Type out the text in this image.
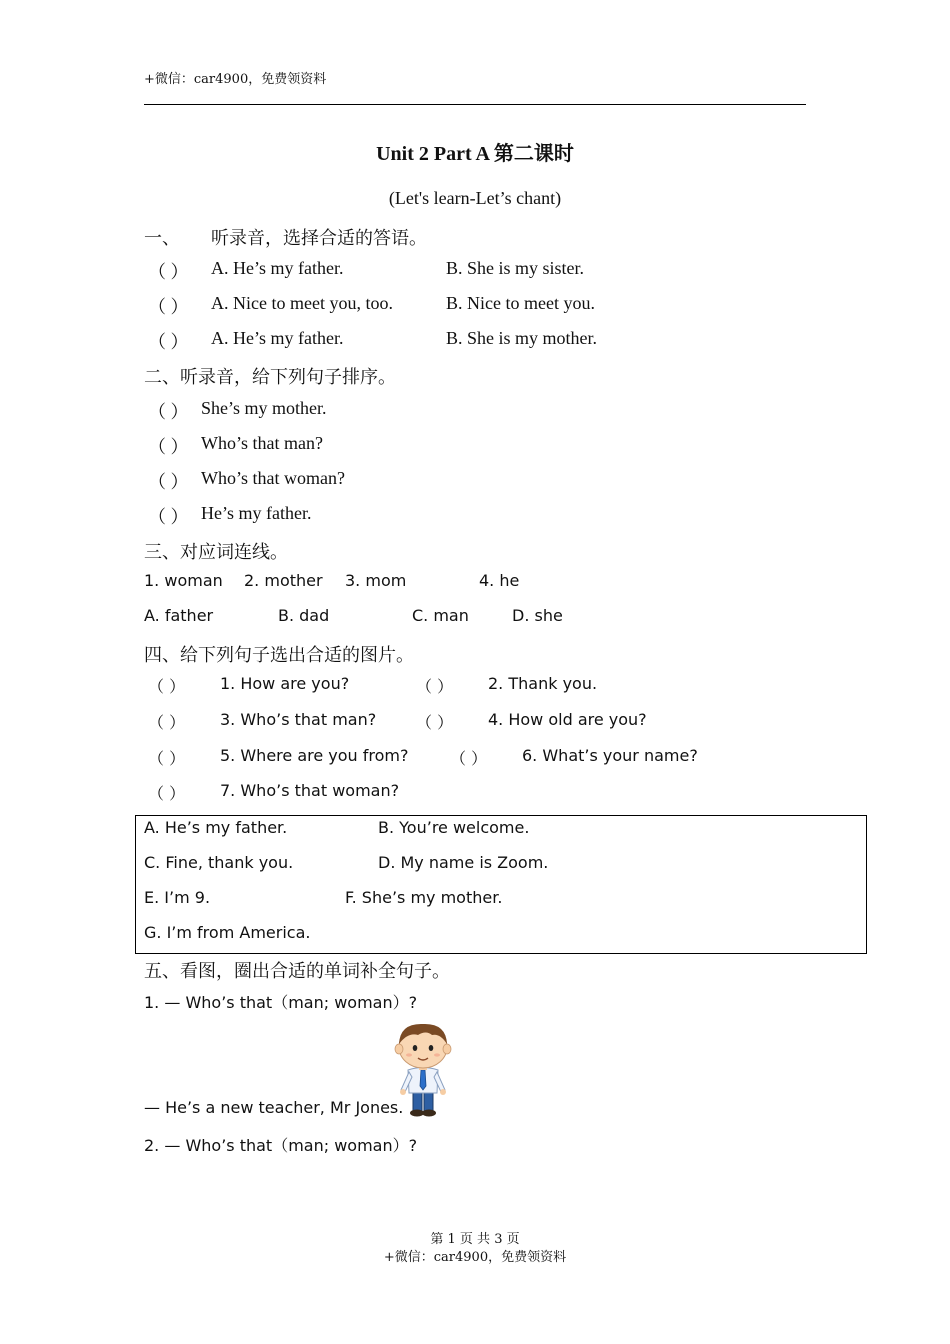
+微信：car4900，免费领资料
Unit 2 Part A 第二课时
(Let's learn-Let’s chant)
一、 听录音，选择合适的答语。
（ ） A. He’s my father.	B. She is my sister.
（ ） A. Nice to meet you, too.	B. Nice to meet you.
（ ） A. He’s my father.	B. She is my mother.
二、听录音，给下列句子排序。
（ ） She’s my mother.
（ ） Who’s that man?
（ ） Who’s that woman?
（ ） He’s my father.
三、对应词连线。
1. woman 2. mother 3. mom	4. he
A. father	B. dad	C. man	D. she
四、给下列句子选出合适的图片。
（ ） 1. How are you?	（ ） 2. Thank you.
（ ） 3. Who’s that man? （ ） 4. How old are you?
（ ） 5. Where are you from?	（ ） 6. What’s your name?
（ ） 7. Who’s that woman?
A. He’s my father.	B. You’re welcome.
C. Fine, thank you.	D. My name is Zoom.
E. I’m 9.	F. She’s my mother.
G. I’m from America.
五、看图，圈出合适的单词补全句子。
1. — Who’s that（man; woman）?
— He’s a new teacher, Mr Jones.
2. — Who’s that（man; woman）?
第 1 页 共 3 页
+微信：car4900，免费领资料
